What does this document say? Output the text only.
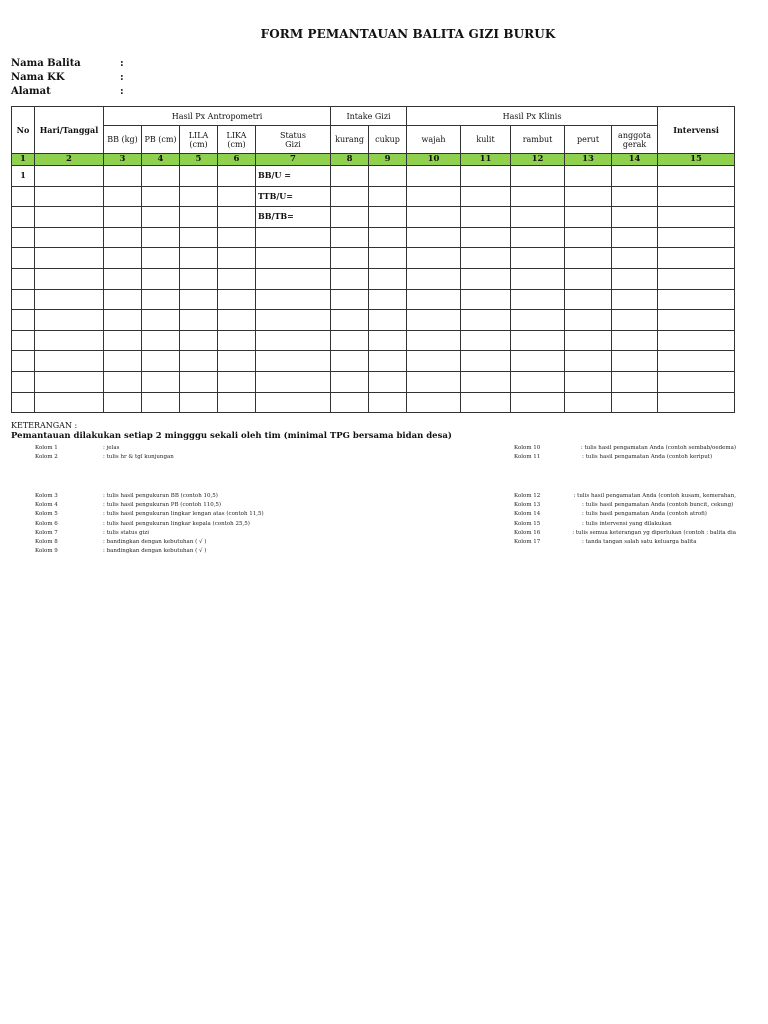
FORM PEMANTAUAN BALITA GIZI BURUK
Nama Balita	:
Nama KK	:
Alamat	:
No	Hari/Tanggal	Hasil Px Antropometri					Intake Gizi		Hasil Px Klinis					Intervensi
		BB (kg)	PB (cm)	LILA (cm)	LIKA (cm)	Status Gizi	kurang	cukup	wajah	kulit	rambut	perut	anggota gerak	
1	2	3	4	5	6	7	8	9	10	11	12	13	14	15
1						BB/U =								
						TTB/U=								
						BB/TB=								

KETERANGAN :
Pemantauan dilakukan setiap 2 mingggu sekali oleh tim (minimal TPG bersama bidan desa)
Kolom 1	: jelas
Kolom 2	: tulis hr & tgl kunjungan
Kolom 3	: tulis hasil pengukuran BB (contoh 10,5)
Kolom 4	: tulis hasil pengukuran PB (contoh 110,5)
Kolom 5	: tulis hasil pengukuran lingkar lengan atas (contoh 11,5)
Kolom 6	: tulis hasil pengukuran lingkar kepala (contoh 25,5)
Kolom 7	: tulis status gizi
Kolom 8	: bandingkan dengan kebutuhan ( √ )
Kolom 9	: bandingkan dengan kebutuhan ( √ )
Kolom 10	: tulis hasil pengamatan Anda (contoh sembab/oedema)
Kolom 11	: tulis hasil pengamatan Anda (contoh keriput)
Kolom 12	: tulis hasil pengamatan Anda (contoh kusam, kemerahan,
Kolom 13	: tulis hasil pengamatan Anda (contoh buncit, cekung)
Kolom 14	: tulis hasil pengamatan Anda (contoh atrofi)
Kolom 15	: tulis intervensi yang dilakukan
Kolom 16	: tulis semua keterangan yg diperlukan (contoh : balita dia
Kolom 17	: tanda tangan salah satu keluarga balita
